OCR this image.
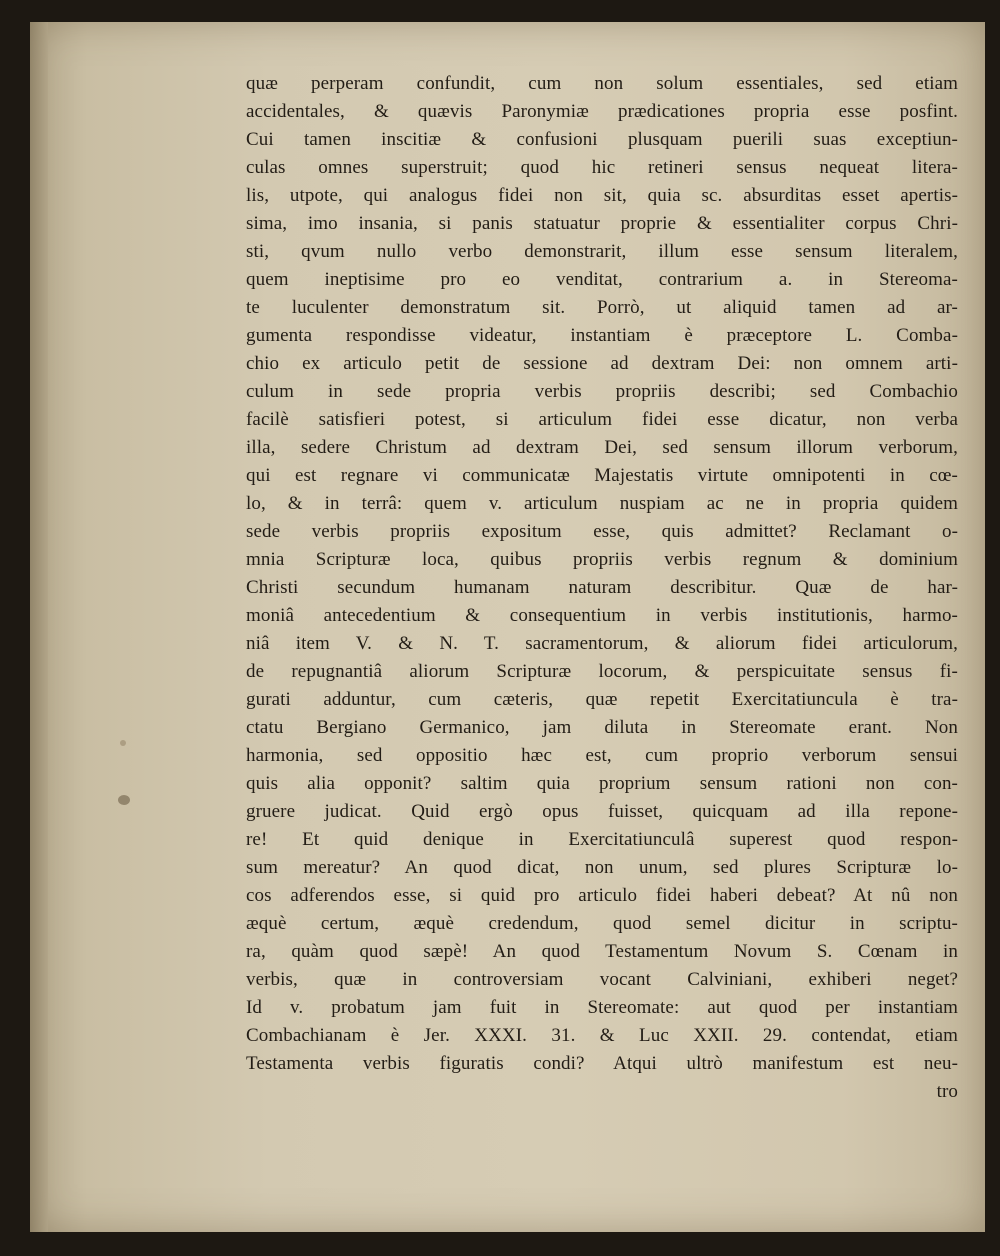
quæ perperam confundit, cum non solum essentiales, sed etiam
accidentales, & quævis Paronymiæ prædicationes propria esse posfint.
Cui tamen inscitiæ & confusioni plusquam puerili suas exceptiun-
culas omnes superstruit; quod hic retineri sensus nequeat litera-
lis, utpote, qui analogus fidei non sit, quia sc. absurditas esset apertis-
sima, imo insania, si panis statuatur proprie & essentialiter corpus Chri-
sti, qvum nullo verbo demonstrarit, illum esse sensum literalem,
quem ineptisime pro eo venditat, contrarium a. in Stereoma-
te luculenter demonstratum sit. Porrò, ut aliquid tamen ad ar-
gumenta respondisse videatur, instantiam è præceptore L. Comba-
chio ex articulo petit de sessione ad dextram Dei: non omnem arti-
culum in sede propria verbis propriis describi; sed Combachio
facilè satisfieri potest, si articulum fidei esse dicatur, non verba
illa, sedere Christum ad dextram Dei, sed sensum illorum verborum,
qui est regnare vi communicatæ Majestatis virtute omnipotenti in cœ-
lo, & in terrâ: quem v. articulum nuspiam ac ne in propria quidem
sede verbis propriis expositum esse, quis admittet? Reclamant o-
mnia Scripturæ loca, quibus propriis verbis regnum & dominium
Christi secundum humanam naturam describitur. Quæ de har-
moniâ antecedentium & consequentium in verbis institutionis, harmo-
niâ item V. & N. T. sacramentorum, & aliorum fidei articulorum,
de repugnantiâ aliorum Scripturæ locorum, & perspicuitate sensus fi-
gurati adduntur, cum cæteris, quæ repetit Exercitatiuncula è tra-
ctatu Bergiano Germanico, jam diluta in Stereomate erant. Non
harmonia, sed oppositio hæc est, cum proprio verborum sensui
quis alia opponit? saltim quia proprium sensum rationi non con-
gruere judicat. Quid ergò opus fuisset, quicquam ad illa repone-
re! Et quid denique in Exercitatiunculâ superest quod respon-
sum mereatur? An quod dicat, non unum, sed plures Scripturæ lo-
cos adferendos esse, si quid pro articulo fidei haberi debeat? At nû non
æquè certum, æquè credendum, quod semel dicitur in scriptu-
ra, quàm quod sæpè! An quod Testamentum Novum S. Cœnam in
verbis, quæ in controversiam vocant Calviniani, exhiberi neget?
Id v. probatum jam fuit in Stereomate: aut quod per instantiam
Combachianam è Jer. XXXI. 31. & Luc XXII. 29. contendat, etiam
Testamenta verbis figuratis condi? Atqui ultrò manifestum est neu-
tro
